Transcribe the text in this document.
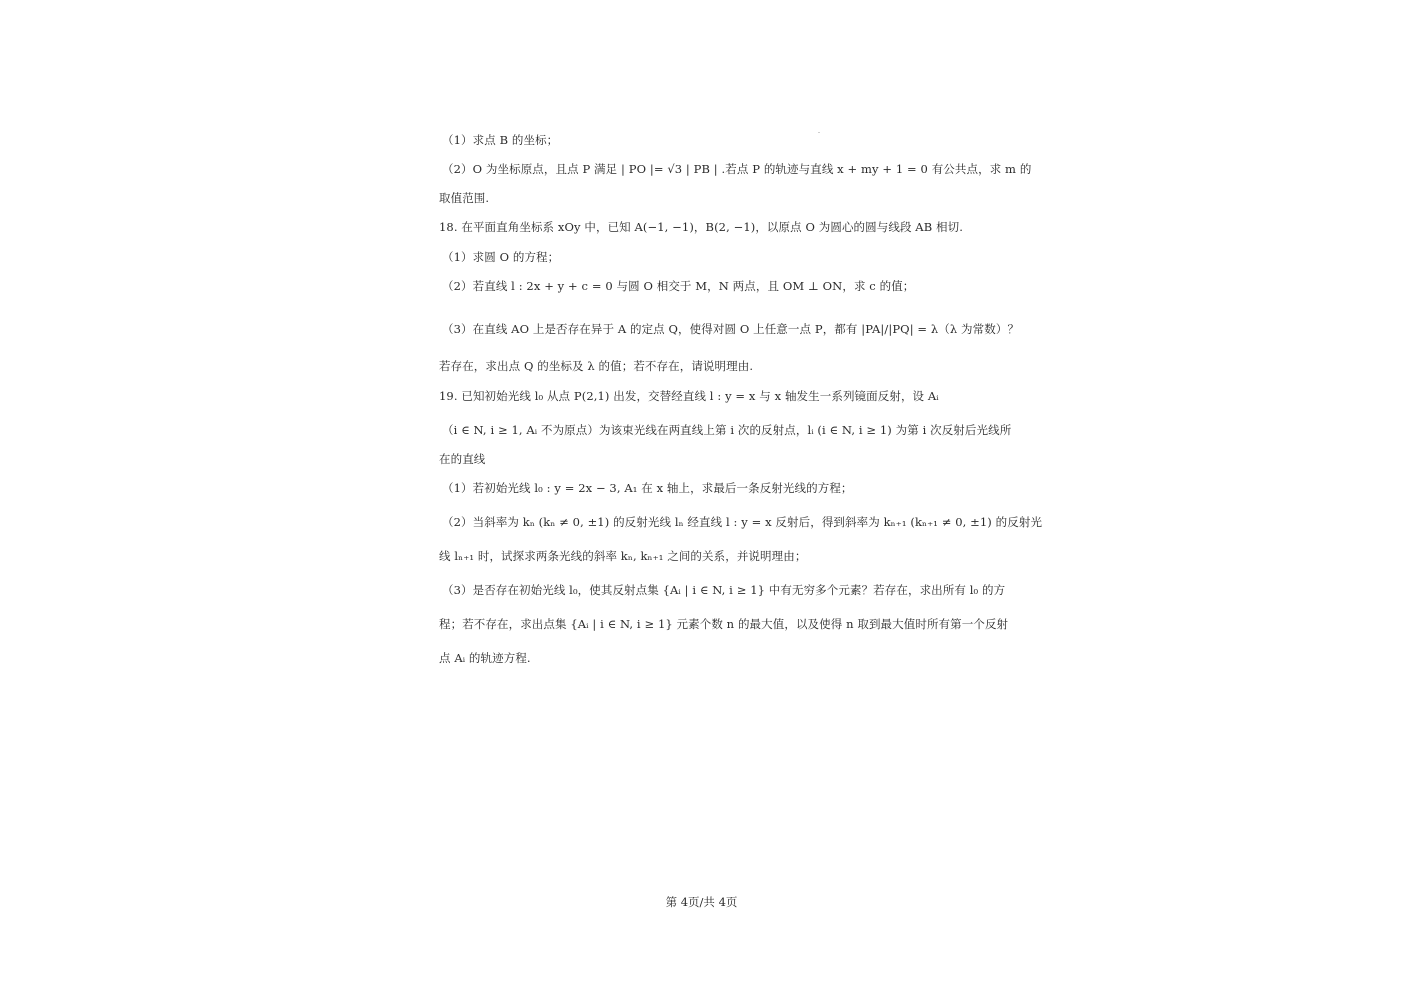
（1）求点 B 的坐标；
（2）O 为坐标原点，且点 P 满足 | PO |= √3 | PB | .若点 P 的轨迹与直线 x + my + 1 = 0 有公共点，求 m 的
取值范围.
18. 在平面直角坐标系 xOy 中，已知 A(−1, −1)，B(2, −1)，以原点 O 为圆心的圆与线段 AB 相切.
（1）求圆 O 的方程；
（2）若直线 l : 2x + y + c = 0 与圆 O 相交于 M，N 两点，且 OM ⊥ ON，求 c 的值；
（3）在直线 AO 上是否存在异于 A 的定点 Q，使得对圆 O 上任意一点 P，都有 |PA|/|PQ| = λ（λ 为常数）？
若存在，求出点 Q 的坐标及 λ 的值；若不存在，请说明理由.
19. 已知初始光线 l₀ 从点 P(2,1) 出发，交替经直线 l : y = x 与 x 轴发生一系列镜面反射，设 Aᵢ
（i ∈ N, i ≥ 1, Aᵢ 不为原点）为该束光线在两直线上第 i 次的反射点，lᵢ (i ∈ N, i ≥ 1) 为第 i 次反射后光线所
在的直线
（1）若初始光线 l₀ : y = 2x − 3, A₁ 在 x 轴上，求最后一条反射光线的方程；
（2）当斜率为 kₙ (kₙ ≠ 0, ±1) 的反射光线 lₙ 经直线 l : y = x 反射后，得到斜率为 kₙ₊₁ (kₙ₊₁ ≠ 0, ±1) 的反射光
线 lₙ₊₁ 时，试探求两条光线的斜率 kₙ, kₙ₊₁ 之间的关系，并说明理由；
（3）是否存在初始光线 l₀，使其反射点集 {Aᵢ | i ∈ N, i ≥ 1} 中有无穷多个元素？若存在，求出所有 l₀ 的方
程；若不存在，求出点集 {Aᵢ | i ∈ N, i ≥ 1} 元素个数 n 的最大值，以及使得 n 取到最大值时所有第一个反射
点 Aᵢ 的轨迹方程.
第 4页/共 4页
